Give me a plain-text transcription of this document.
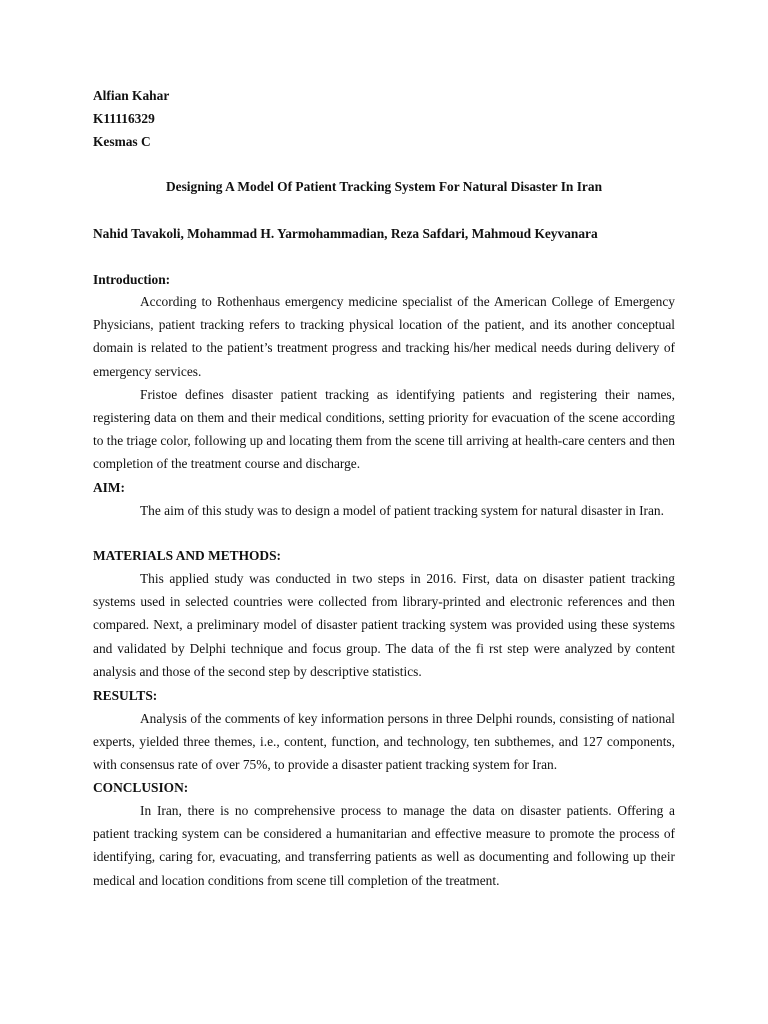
Alfian Kahar
K11116329
Kesmas C
Designing A Model Of Patient Tracking System For Natural Disaster In Iran
Nahid Tavakoli, Mohammad H. Yarmohammadian, Reza Safdari, Mahmoud Keyvanara
Introduction:

According to Rothenhaus emergency medicine specialist of the American College of Emergency Physicians, patient tracking refers to tracking physical location of the patient, and its another conceptual domain is related to the patient’s treatment progress and tracking his/her medical needs during delivery of emergency services.

Fristoe defines disaster patient tracking as identifying patients and registering their names, registering data on them and their medical conditions, setting priority for evacuation of the scene according to the triage color, following up and locating them from the scene till arriving at health-care centers and then completion of the treatment course and discharge.

AIM:

The aim of this study was to design a model of patient tracking system for natural disaster in Iran.

MATERIALS AND METHODS:

This applied study was conducted in two steps in 2016. First, data on disaster patient tracking systems used in selected countries were collected from library-printed and electronic references and then compared. Next, a preliminary model of disaster patient tracking system was provided using these systems and validated by Delphi technique and focus group. The data of the fi rst step were analyzed by content analysis and those of the second step by descriptive statistics.

RESULTS:

Analysis of the comments of key information persons in three Delphi rounds, consisting of national experts, yielded three themes, i.e., content, function, and technology, ten subthemes, and 127 components, with consensus rate of over 75%, to provide a disaster patient tracking system for Iran.

CONCLUSION:

In Iran, there is no comprehensive process to manage the data on disaster patients. Offering a patient tracking system can be considered a humanitarian and effective measure to promote the process of identifying, caring for, evacuating, and transferring patients as well as documenting and following up their medical and location conditions from scene till completion of the treatment.
